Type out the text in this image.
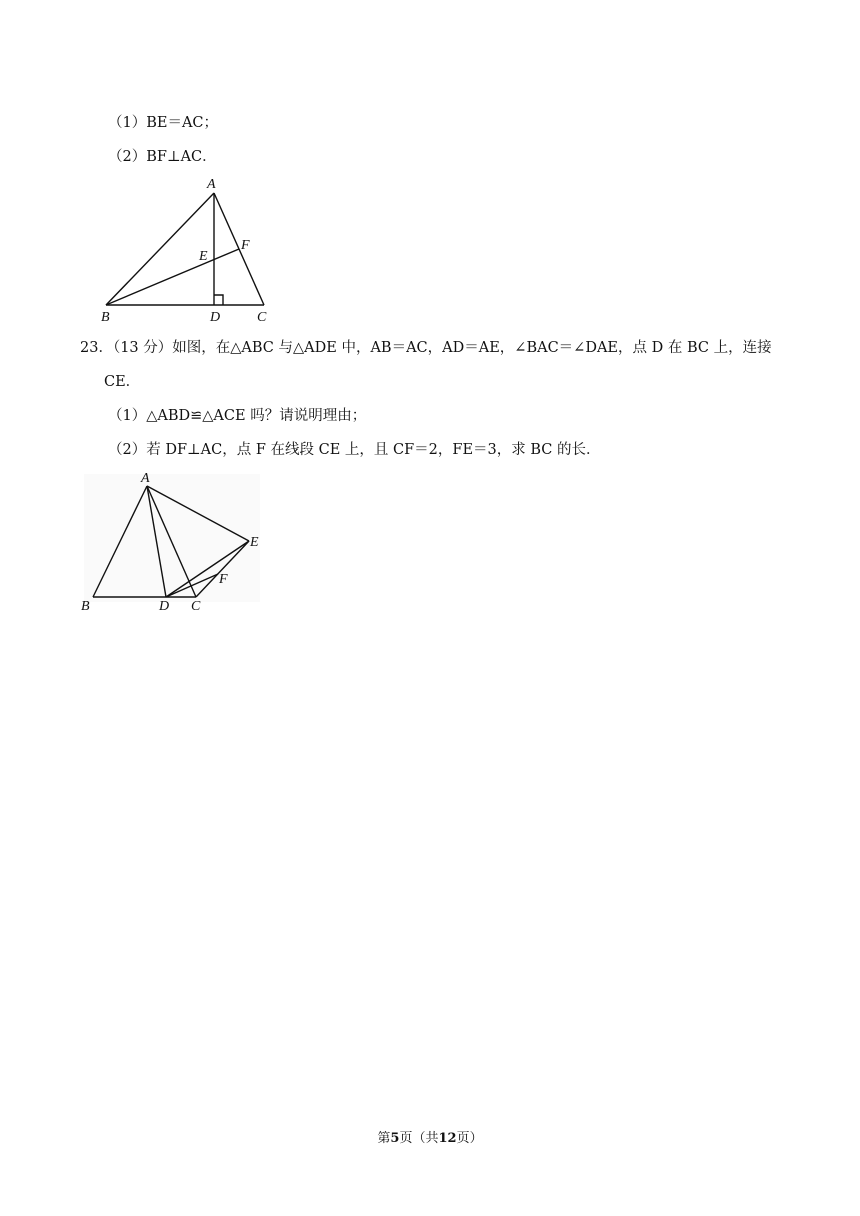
（1）BE＝AC；
（2）BF⊥AC．
A
B	C
D
E
F
23．（13 分）如图，在△ABC 与△ADE 中，AB＝AC，AD＝AE，∠BAC＝∠DAE，点 D 在 BC 上，连接
CE．
（1）△ABD≌△ACE 吗？请说明理由；
（2）若 DF⊥AC，点 F 在线段 CE 上，且 CF＝2，FE＝3，求 BC 的长．
A
B	C
D
E
F
第5页（共12页）
